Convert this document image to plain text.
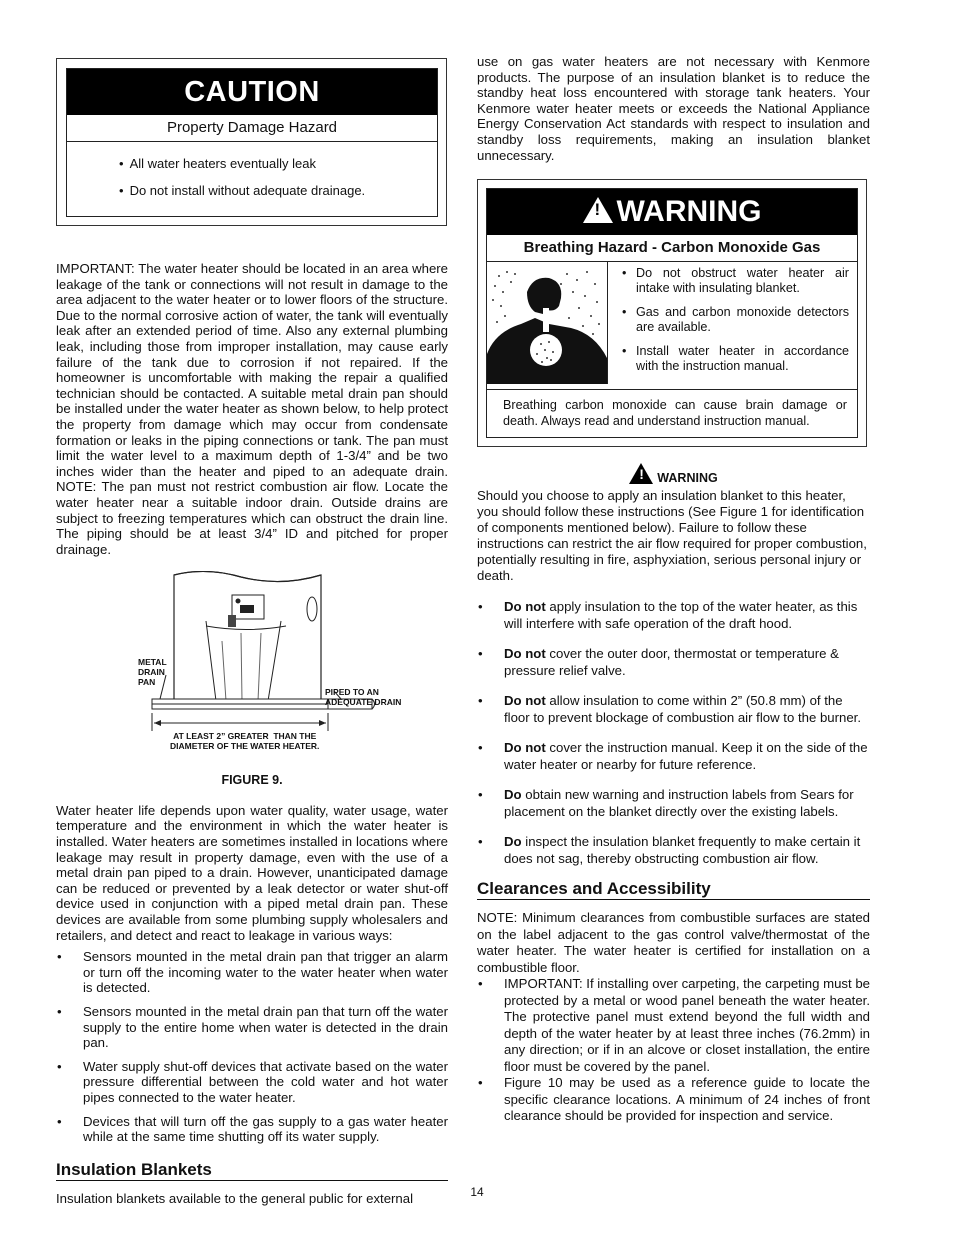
CAUTION
Property Damage Hazard
• All water heaters eventually leak
• Do not install without adequate drainage.

IMPORTANT: The water heater should be located in an area where leakage of the tank or connections will not result in damage to the area adjacent to the water heater or to lower floors of the structure. Due to the normal corrosive action of water, the tank will eventually leak after an extended period of time. Also any external plumbing leak, including those from improper installation, may cause early failure of the tank due to corrosion if not repaired. If the homeowner is uncomfortable with making the repair a qualified technician should be contacted. A suitable metal drain pan should be installed under the water heater as shown below, to help protect the property from damage which may occur from condensate formation or leaks in the piping connections or tank. The pan must limit the water level to a maximum depth of 1-3/4” and be two inches wider than the heater and piped to an adequate drain. NOTE: The pan must not restrict combustion air flow. Locate the water heater near a suitable indoor drain. Outside drains are subject to freezing temperatures which can obstruct the drain line. The piping should be at least 3/4” ID and pitched for proper drainage.

METAL
DRAIN
PAN
PIPED TO AN
ADEQUATE DRAIN
AT LEAST 2” GREATER  THAN THE
DIAMETER OF THE WATER HEATER.
FIGURE 9.

Water heater life depends upon water quality, water usage, water temperature and the environment in which the water heater is installed. Water heaters are sometimes installed in locations where leakage may result in property damage, even with the use of a metal drain pan piped to a drain. However, unanticipated damage can be reduced or prevented by a leak detector or water shut-off device used in conjunction with a piped metal drain pan. These devices are available from some plumbing supply wholesalers and retailers, and detect and react to leakage in various ways:

• Sensors mounted in the metal drain pan that trigger an alarm or turn off the incoming water to the water heater when water is detected.

• Sensors mounted in the metal drain pan that turn off the water supply to the entire home when water is detected in the drain pan.

• Water supply shut-off devices that activate based on the water pressure differential between the cold water and hot water pipes connected to the water heater.

• Devices that will turn off the gas supply to a gas water heater while at the same time shutting off its water supply.

Insulation Blankets

Insulation blankets available to the general public for external

use on gas water heaters are not necessary with Kenmore products. The purpose of an insulation blanket is to reduce the standby heat loss encountered with storage tank heaters. Your Kenmore water heater meets or exceeds the National Appliance Energy Conservation Act standards with respect to insulation and standby loss requirements, making an insulation blanket unnecessary.

! WARNING
Breathing Hazard - Carbon Monoxide Gas
• Do not obstruct water heater air intake with insulating blanket.
• Gas and carbon monoxide detectors are available.
• Install water heater in accordance with the instruction manual.
Breathing carbon monoxide can cause brain damage or death. Always read and understand instruction manual.
! WARNING

Should you choose to apply an insulation blanket to this heater, you should follow these instructions (See Figure 1 for identification of components mentioned below). Failure to follow these instructions can restrict the air flow required for proper combustion, potentially resulting in fire, asphyxiation, serious personal injury or death.

• Do not apply insulation to the top of the water heater, as this will interfere with safe operation of the draft hood.

• Do not cover the outer door, thermostat or temperature & pressure relief valve.

• Do not allow insulation to come within 2” (50.8 mm) of the floor to prevent blockage of combustion air flow to the burner.

• Do not cover the instruction manual. Keep it on the side of the water heater or nearby for future reference.

• Do obtain new warning and instruction labels from Sears for placement on the blanket directly over the existing labels.

• Do inspect the insulation blanket frequently to make certain it does not sag, thereby obstructing combustion air flow.

Clearances and Accessibility

NOTE: Minimum clearances from combustible surfaces are stated on the label adjacent to the gas control valve/thermostat of the water heater. The water heater is certified for installation on a combustible floor.

• IMPORTANT: If installing over carpeting, the carpeting must be protected by a metal or wood panel beneath the water heater. The protective panel must extend beyond the full width and depth of the water heater by at least three inches (76.2mm) in any direction; or if in an alcove or closet installation, the entire floor must be covered by the panel.

• Figure 10 may be used as a reference guide to locate the specific clearance locations. A minimum of 24 inches of front clearance should be provided for inspection and service.

14
